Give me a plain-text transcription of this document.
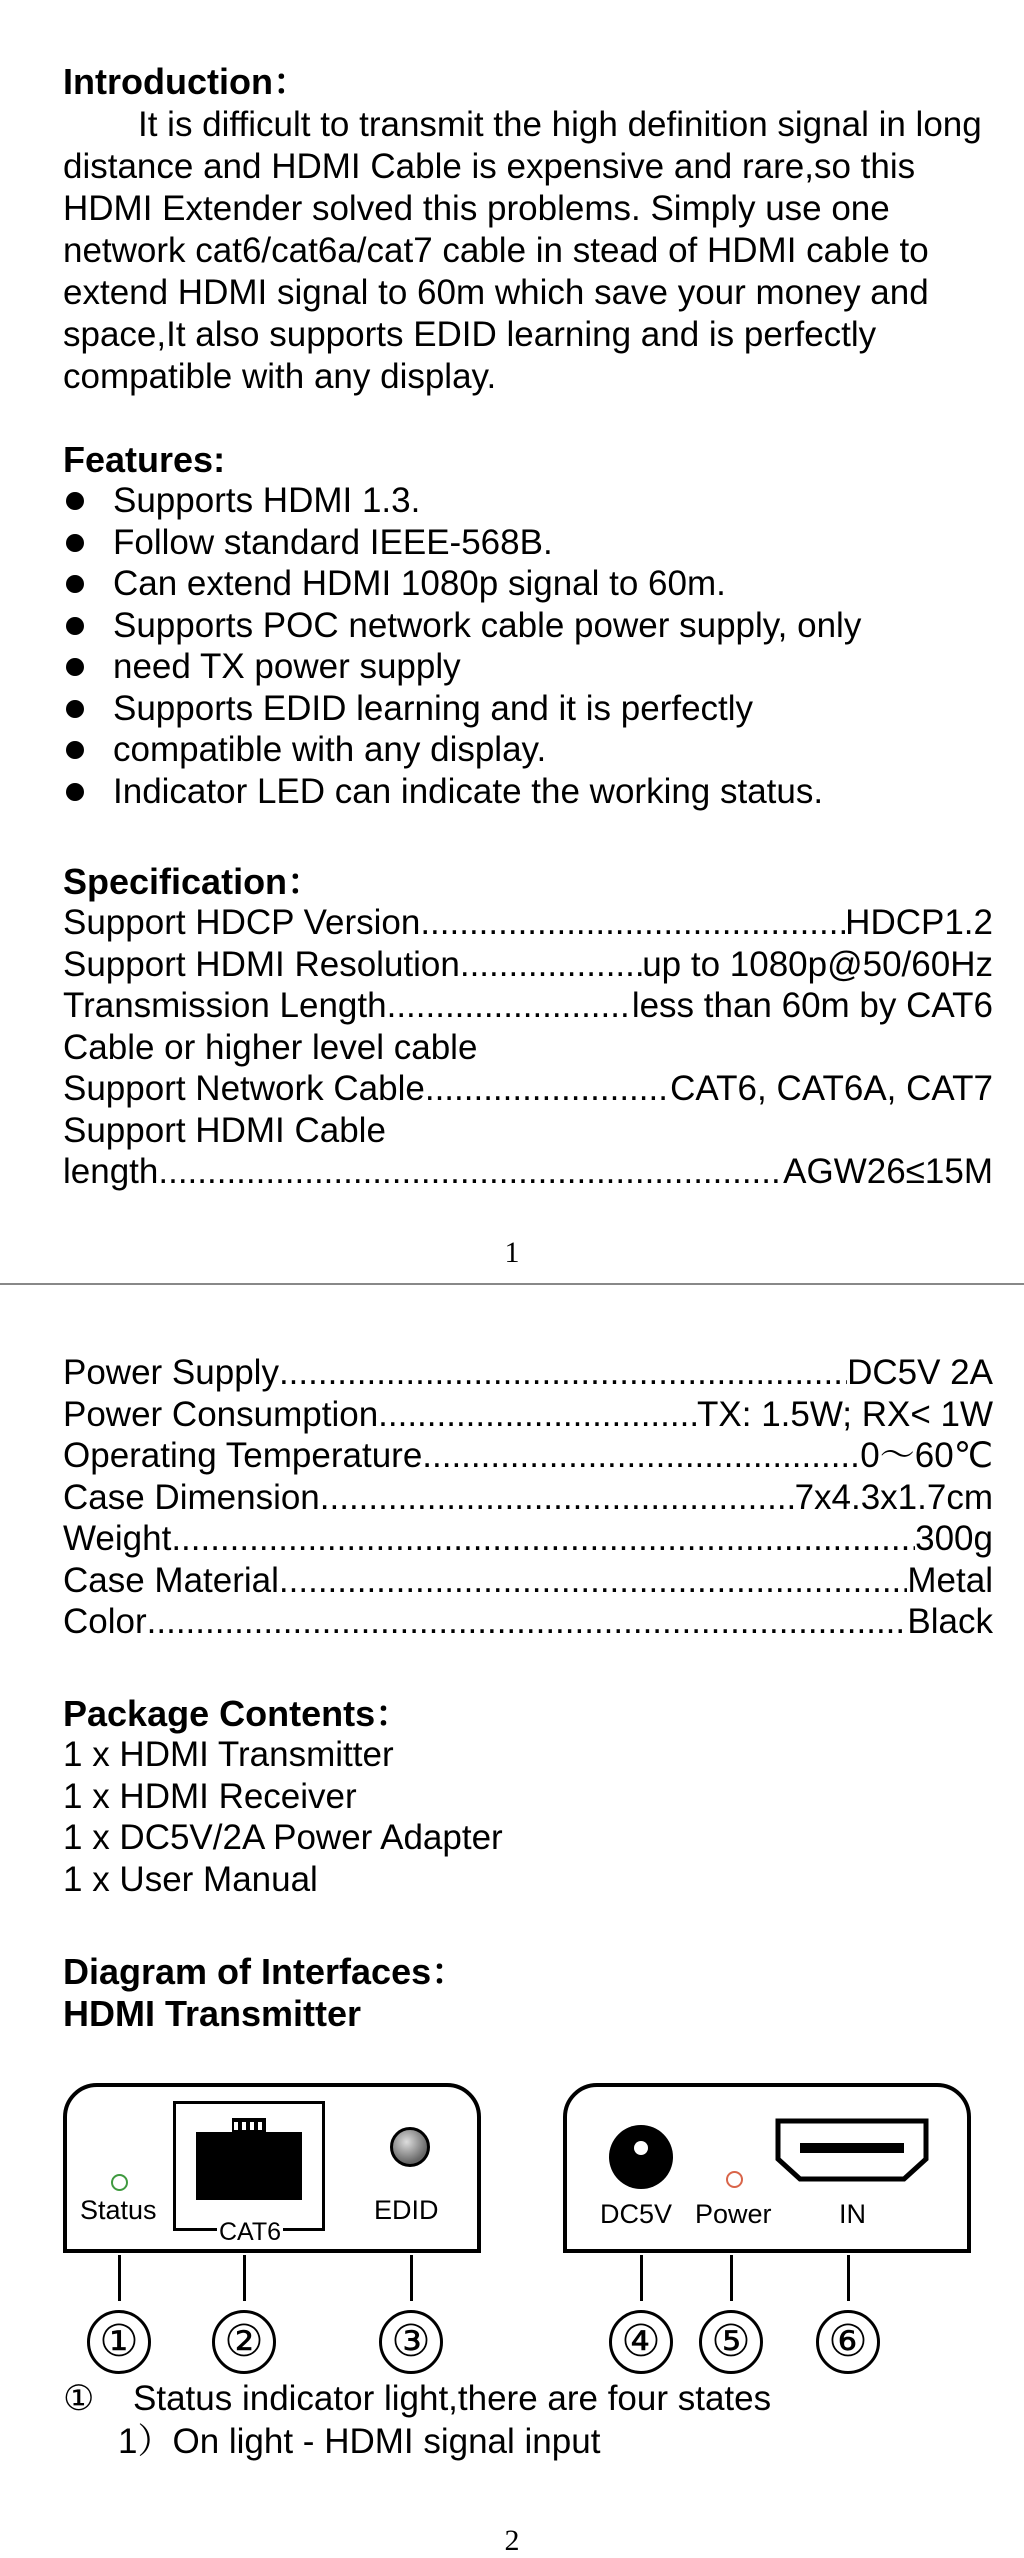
Introduction：

It is difficult to transmit the high definition signal in long distance and HDMI Cable is expensive and rare,so this HDMI Extender solved this problems. Simply use one network cat6/cat6a/cat7 cable in stead of HDMI cable to extend HDMI signal to 60m which save your money and space,It also supports EDID learning and is perfectly compatible with any display.

Features:

Supports HDMI 1.3.
Follow standard IEEE-568B.
Can extend HDMI 1080p signal to 60m.
Supports POC network cable power supply, only
need TX power supply
Supports EDID learning and it is perfectly
compatible with any display.
Indicator LED can indicate the working status.

Specification：

Support HDCP Version .....	HDCP1.2
Support HDMI Resolution .....	up to 1080p@50/60Hz
Transmission Length .....	less than 60m by CAT6
Cable or higher level cable
Support Network Cable .....	CAT6, CAT6A, CAT7
Support HDMI Cable
length .....	AGW26≤15M
1
Power Supply .....	DC5V 2A
Power Consumption .....	TX: 1.5W; RX< 1W
Operating Temperature .....	0～60℃
Case Dimension .....	7x4.3x1.7cm
Weight .....	300g
Case Material .....	Metal
Color .....	Black

Package Contents：

1 x HDMI Transmitter
1 x HDMI Receiver
1 x DC5V/2A Power Adapter
1 x User Manual

Diagram of Interfaces：

HDMI Transmitter

Status
CAT6
EDID	DC5V Power IN
① ②	③	④ ⑤ ⑥
① Status indicator light,there are four states
1）On light - HDMI signal input
2
